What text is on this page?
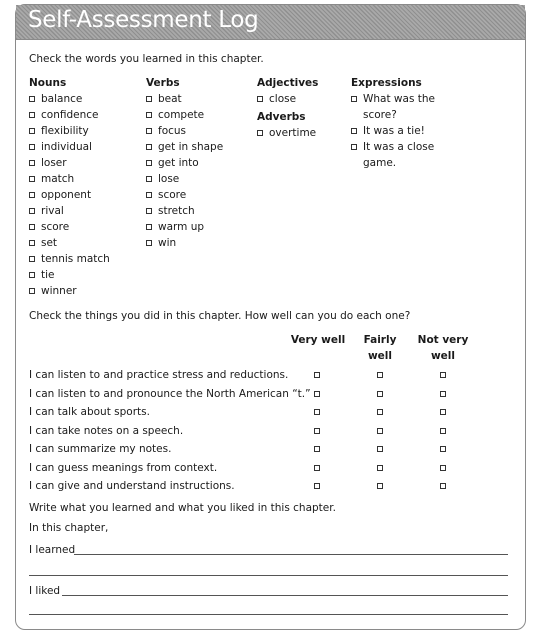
Self-Assessment Log
Check the words you learned in this chapter.
Nouns
balance
confidence
flexibility
individual
loser
match
opponent
rival
score
set
tennis match
tie
winner
Verbs
beat
compete
focus
get in shape
get into
lose
score
stretch
warm up
win
Adjectives
close
Adverbs
overtime
Expressions
What was the score?
It was a tie!
It was a close game.
Check the things you did in this chapter. How well can you do each one?
Very well	Fairly well
Not very well
I can listen to and practice stress and reductions.
I can listen to and pronounce the North American “t.”
I can talk about sports.
I can take notes on a speech.
I can summarize my notes.
I can guess meanings from context.
I can give and understand instructions.
Write what you learned and what you liked in this chapter.
In this chapter,
I learned
I liked
